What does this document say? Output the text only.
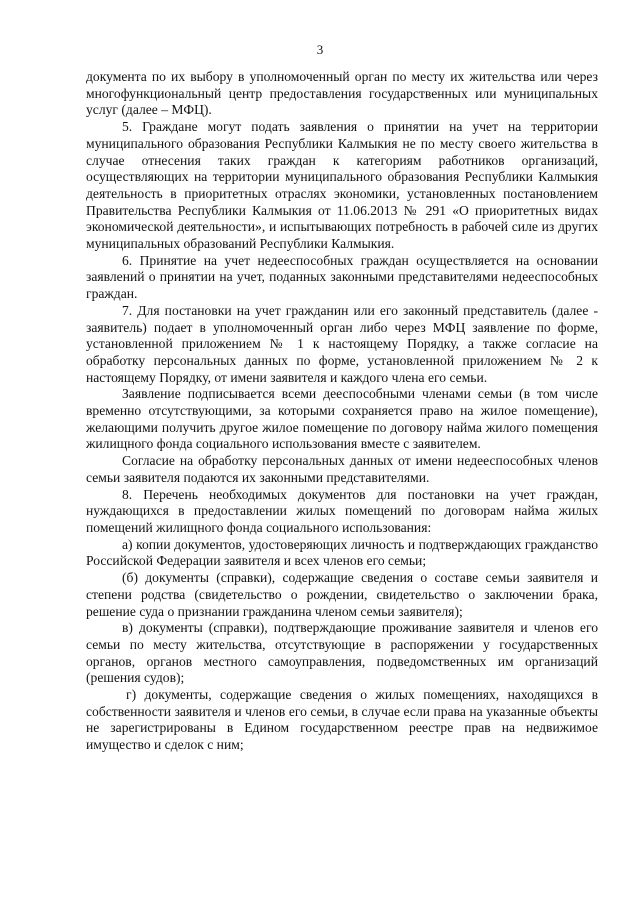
3

документа по их выбору в уполномоченный орган по месту их жительства или через многофункциональный центр предоставления государственных или муниципальных услуг (далее – МФЦ).

5. Граждане могут подать заявления о принятии на учет на территории муниципального образования Республики Калмыкия не по месту своего жительства в случае отнесения таких граждан к категориям работников организаций, осуществляющих на территории муниципального образования Республики Калмыкия деятельность в приоритетных отраслях экономики, установленных постановлением Правительства Республики Калмыкия от 11.06.2013 № 291 «О приоритетных видах экономической деятельности», и испытывающих потребность в рабочей силе из других муниципальных образований Республики Калмыкия.

6. Принятие на учет недееспособных граждан осуществляется на основании заявлений о принятии на учет, поданных законными представителями недееспособных граждан.

7. Для постановки на учет гражданин или его законный представитель (далее - заявитель) подает в уполномоченный орган либо через МФЦ заявление по форме, установленной приложением № 1 к настоящему Порядку, а также согласие на обработку персональных данных по форме, установленной приложением № 2 к настоящему Порядку, от имени заявителя и каждого члена его семьи.

Заявление подписывается всеми дееспособными членами семьи (в том числе временно отсутствующими, за которыми сохраняется право на жилое помещение), желающими получить другое жилое помещение по договору найма жилого помещения жилищного фонда социального использования вместе с заявителем.

Согласие на обработку персональных данных от имени недееспособных членов семьи заявителя подаются их законными представителями.

8. Перечень необходимых документов для постановки на учет граждан, нуждающихся в предоставлении жилых помещений по договорам найма жилых помещений жилищного фонда социального использования:

а) копии документов, удостоверяющих личность и подтверждающих гражданство Российской Федерации заявителя и всех членов его семьи;

(б) документы (справки), содержащие сведения о составе семьи заявителя и степени родства (свидетельство о рождении, свидетельство о заключении брака, решение суда о признании гражданина членом семьи заявителя);

в) документы (справки), подтверждающие проживание заявителя и членов его семьи по месту жительства, отсутствующие в распоряжении у государственных органов, органов местного самоуправления, подведомственных им организаций (решения судов);

г) документы, содержащие сведения о жилых помещениях, находящихся в собственности заявителя и членов его семьи, в случае если права на указанные объекты не зарегистрированы в Едином государственном реестре прав на недвижимое имущество и сделок с ним;
